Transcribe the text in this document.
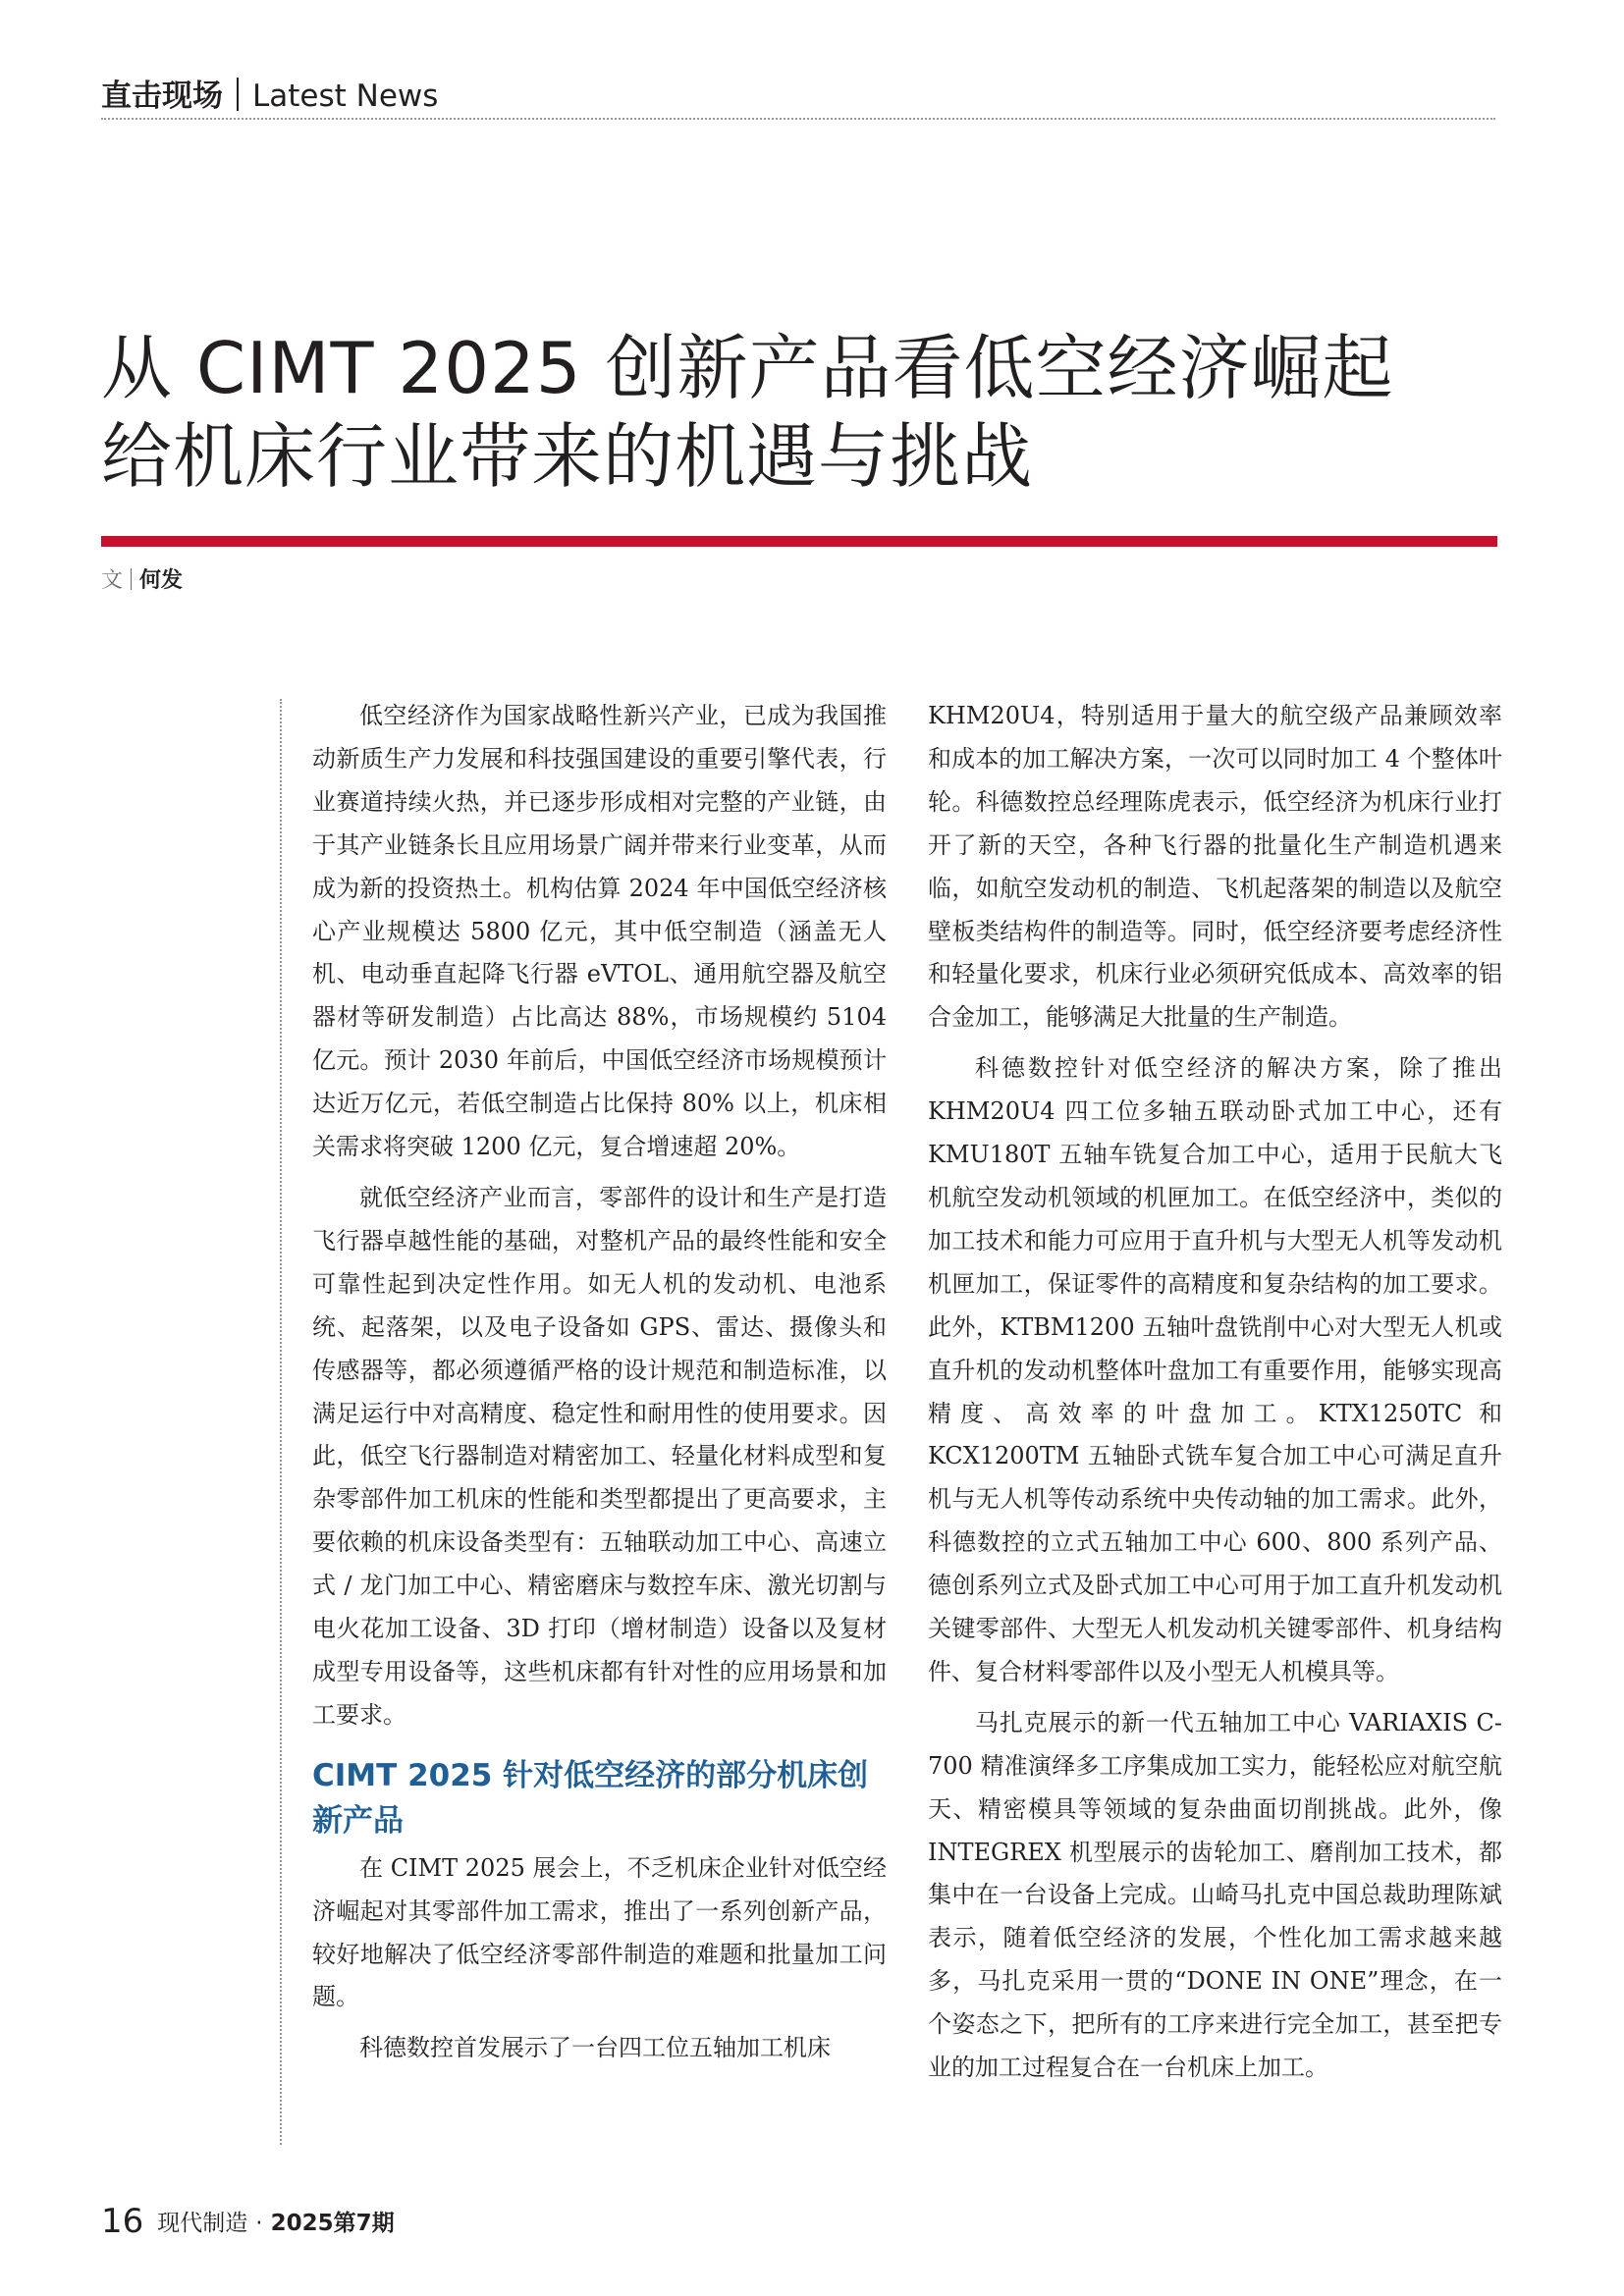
直击现场 Latest News
从 CIMT 2025 创新产品看低空经济崛起
给机床行业带来的机遇与挑战
文 何发

低空经济作为国家战略性新兴产业，已成为我国推动新质生产力发展和科技强国建设的重要引擎代表，行业赛道持续火热，并已逐步形成相对完整的产业链，由于其产业链条长且应用场景广阔并带来行业变革，从而成为新的投资热土。机构估算 2024 年中国低空经济核心产业规模达 5800 亿元，其中低空制造（涵盖无人机、电动垂直起降飞行器 eVTOL、通用航空器及航空器材等研发制造）占比高达 88%，市场规模约 5104 亿元。预计 2030 年前后，中国低空经济市场规模预计达近万亿元，若低空制造占比保持 80% 以上，机床相关需求将突破 1200 亿元，复合增速超 20%。

就低空经济产业而言，零部件的设计和生产是打造飞行器卓越性能的基础，对整机产品的最终性能和安全可靠性起到决定性作用。如无人机的发动机、电池系统、起落架，以及电子设备如 GPS、雷达、摄像头和传感器等，都必须遵循严格的设计规范和制造标准，以满足运行中对高精度、稳定性和耐用性的使用要求。因此，低空飞行器制造对精密加工、轻量化材料成型和复杂零部件加工机床的性能和类型都提出了更高要求，主要依赖的机床设备类型有：五轴联动加工中心、高速立式 / 龙门加工中心、精密磨床与数控车床、激光切割与电火花加工设备、3D 打印（增材制造）设备以及复材成型专用设备等，这些机床都有针对性的应用场景和加工要求。

CIMT 2025 针对低空经济的部分机床创新产品

在 CIMT 2025 展会上，不乏机床企业针对低空经济崛起对其零部件加工需求，推出了一系列创新产品，较好地解决了低空经济零部件制造的难题和批量加工问题。

科德数控首发展示了一台四工位五轴加工机床

KHM20U4，特别适用于量大的航空级产品兼顾效率和成本的加工解决方案，一次可以同时加工 4 个整体叶轮。科德数控总经理陈虎表示，低空经济为机床行业打开了新的天空，各种飞行器的批量化生产制造机遇来临，如航空发动机的制造、飞机起落架的制造以及航空壁板类结构件的制造等。同时，低空经济要考虑经济性和轻量化要求，机床行业必须研究低成本、高效率的铝合金加工，能够满足大批量的生产制造。

科德数控针对低空经济的解决方案，除了推出 KHM20U4 四工位多轴五联动卧式加工中心，还有 KMU180T 五轴车铣复合加工中心，适用于民航大飞机航空发动机领域的机匣加工。在低空经济中，类似的加工技术和能力可应用于直升机与大型无人机等发动机机匣加工，保证零件的高精度和复杂结构的加工要求。此外，KTBM1200 五轴叶盘铣削中心对大型无人机或直升机的发动机整体叶盘加工有重要作用，能够实现高精度、高效率的叶盘加工。KTX1250TC 和 KCX1200TM 五轴卧式铣车复合加工中心可满足直升机与无人机等传动系统中央传动轴的加工需求。此外，科德数控的立式五轴加工中心 600、800 系列产品、德创系列立式及卧式加工中心可用于加工直升机发动机关键零部件、大型无人机发动机关键零部件、机身结构件、复合材料零部件以及小型无人机模具等。

马扎克展示的新一代五轴加工中心 VARIAXIS C-700 精准演绎多工序集成加工实力，能轻松应对航空航天、精密模具等领域的复杂曲面切削挑战。此外，像 INTEGREX 机型展示的齿轮加工、磨削加工技术，都集中在一台设备上完成。山崎马扎克中国总裁助理陈斌表示，随着低空经济的发展，个性化加工需求越来越多，马扎克采用一贯的“DONE IN ONE”理念，在一个姿态之下，把所有的工序来进行完全加工，甚至把专业的加工过程复合在一台机床上加工。

16 现代制造 · 2025第7期
